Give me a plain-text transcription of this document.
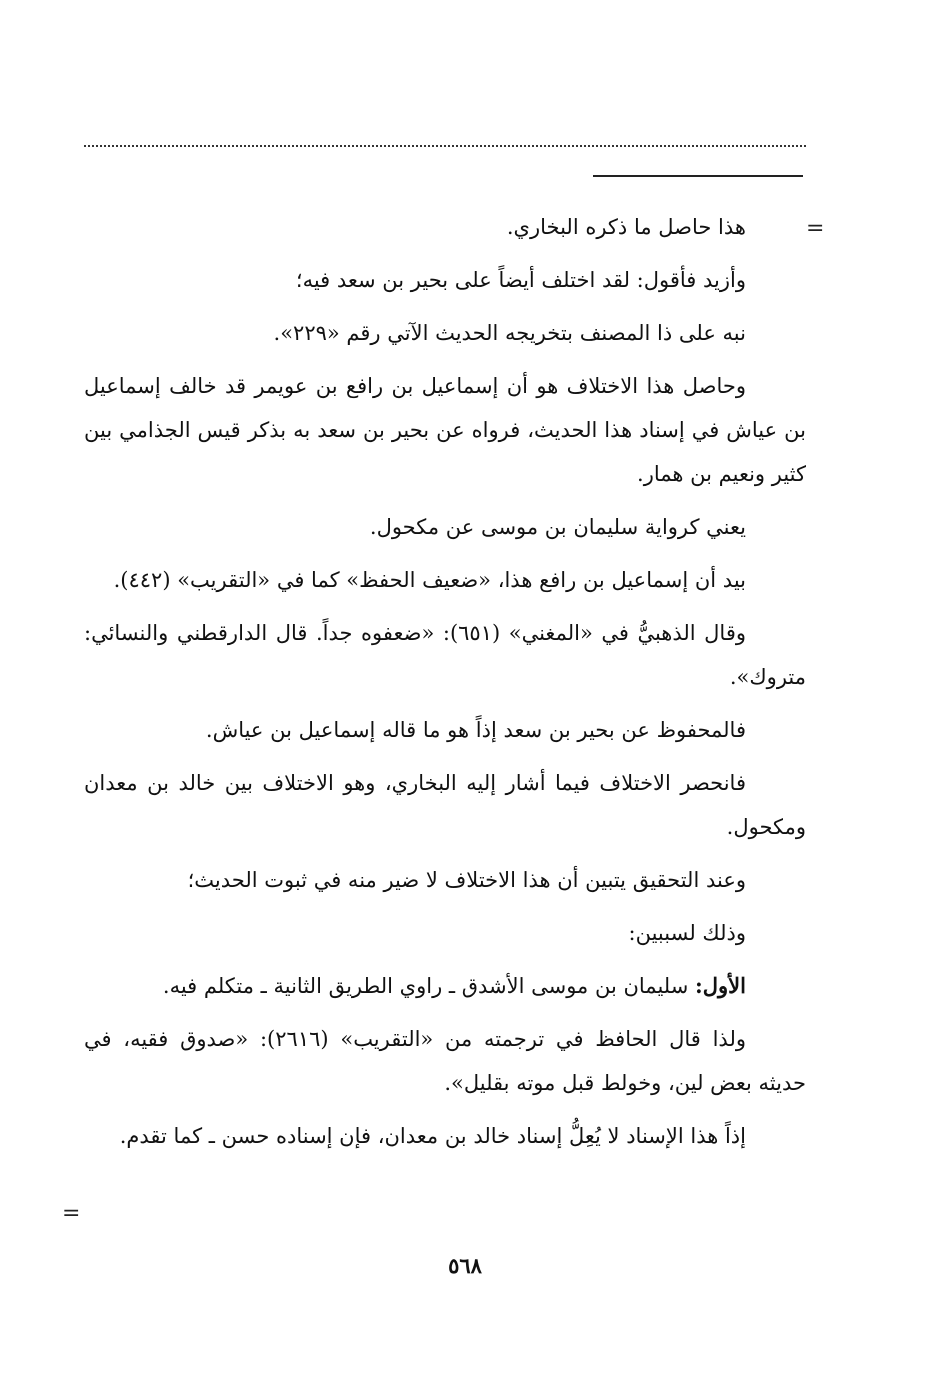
=

هذا حاصل ما ذكره البخاري.

وأزيد فأقول: لقد اختلف أيضاً على بحير بن سعد فيه؛

نبه على ذا المصنف بتخريجه الحديث الآتي رقم «٢٢٩».

وحاصل هذا الاختلاف هو أن إسماعيل بن رافع بن عويمر قد خالف إسماعيل بن عياش في إسناد هذا الحديث، فرواه عن بحير بن سعد به بذكر قيس الجذامي بين كثير ونعيم بن همار.

يعني كرواية سليمان بن موسى عن مكحول.

بيد أن إسماعيل بن رافع هذا، «ضعيف الحفظ» كما في «التقريب» (٤٤٢).

وقال الذهبيُّ في «المغني» (٦٥١): «ضعفوه جداً. قال الدارقطني والنسائي: متروك».

فالمحفوظ عن بحير بن سعد إذاً هو ما قاله إسماعيل بن عياش.

فانحصر الاختلاف فيما أشار إليه البخاري، وهو الاختلاف بين خالد بن معدان ومكحول.

وعند التحقيق يتبين أن هذا الاختلاف لا ضير منه في ثبوت الحديث؛

وذلك لسببين:

الأول: سليمان بن موسى الأشدق ـ راوي الطريق الثانية ـ متكلم فيه.

ولذا قال الحافظ في ترجمته من «التقريب» (٢٦١٦): «صدوق فقيه، في حديثه بعض لين، وخولط قبل موته بقليل».

إذاً هذا الإسناد لا يُعِلُّ إسناد خالد بن معدان، فإن إسناده حسن ـ كما تقدم.

=
٥٦٨
